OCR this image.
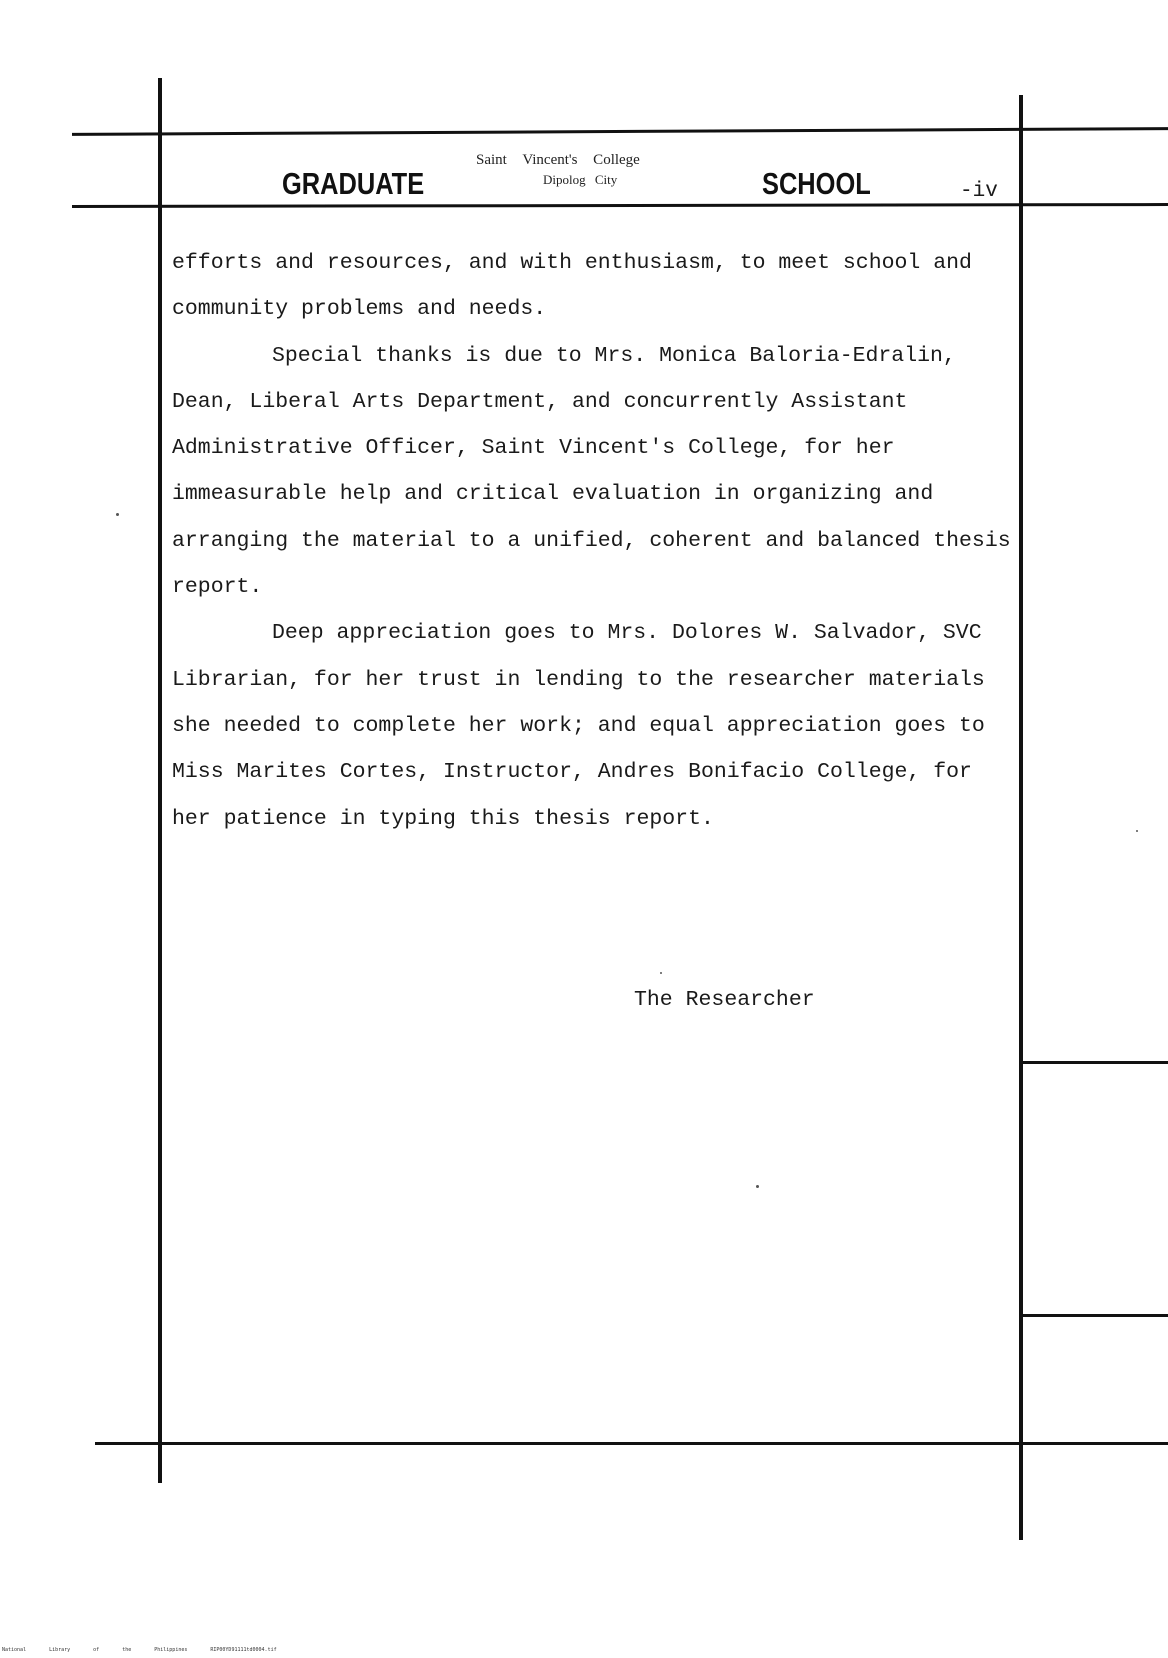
GRADUATE
Saint Vincent's College
Dipolog City	SCHOOL	-iv

efforts and resources, and with enthusiasm, to meet school and community problems and needs.

Special thanks is due to Mrs. Monica Baloria-Edralin, Dean, Liberal Arts Department, and concurrently Assistant Administrative Officer, Saint Vincent's College, for her immeasurable help and critical evaluation in organizing and arranging the material to a unified, coherent and balanced thesis report.

Deep appreciation goes to Mrs. Dolores W. Salvador, SVC Librarian, for her trust in lending to the researcher materials she needed to complete her work; and equal appreciation goes to Miss Marites Cortes, Instructor, Andres Bonifacio College, for her patience in typing this thesis report.

The Researcher
National Library of the Philippines	RIP00YD91111td0004.tif
